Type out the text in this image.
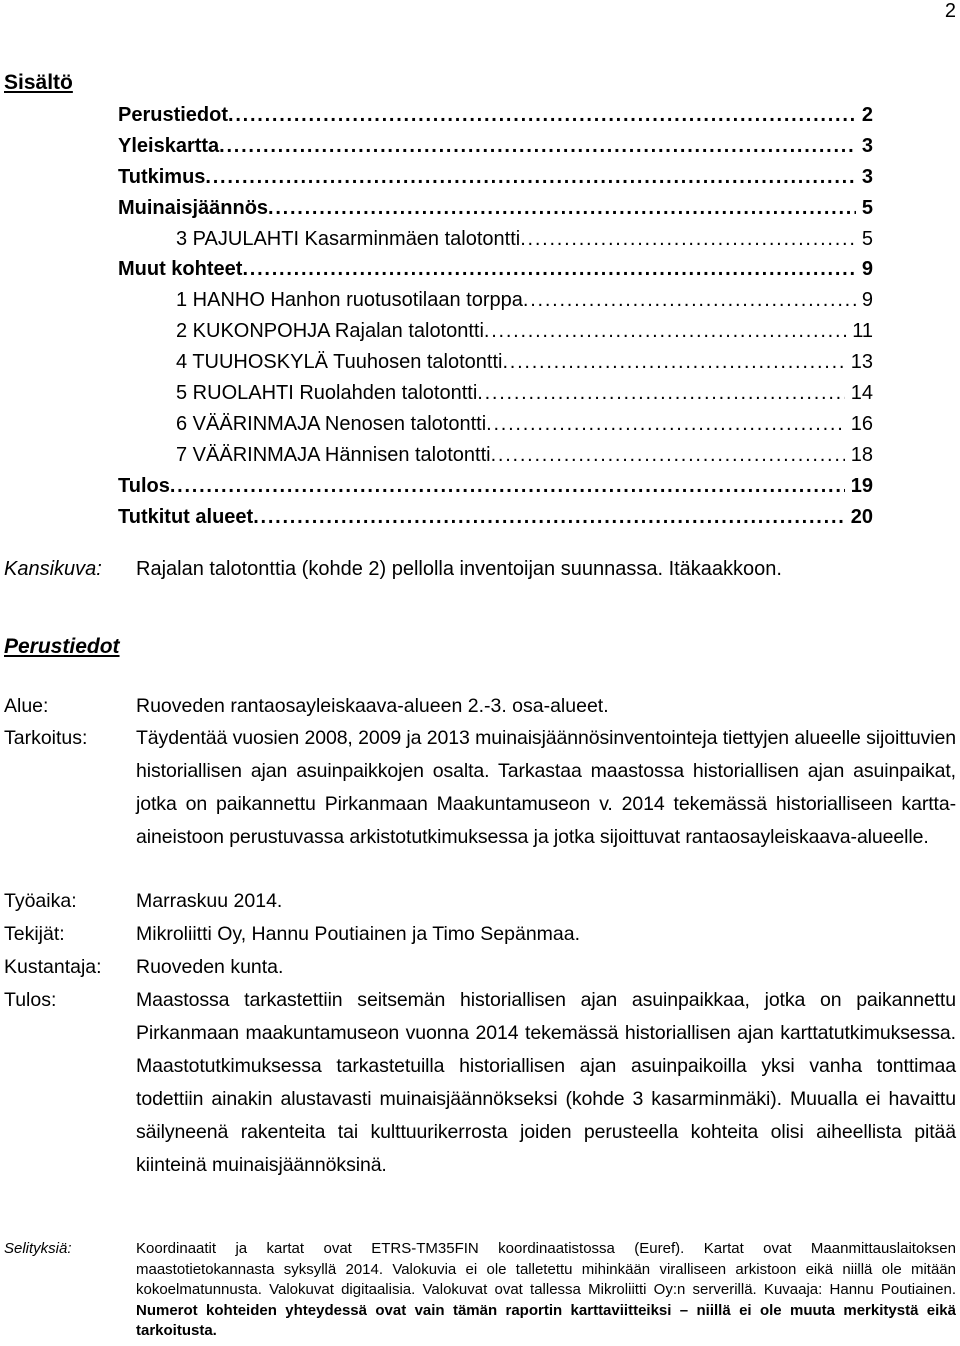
2
Sisältö
Perustiedot . . .	2
Yleiskartta . . .	3
Tutkimus . . .	3
Muinaisjäännös . . .	5
3 PAJULAHTI Kasarminmäen talotontti . . .	5
Muut kohteet . . .	9
1 HANHO Hanhon ruotusotilaan torppa . . .	9
2 KUKONPOHJA Rajalan talotontti . . .	11
4 TUUHOSKYLÄ Tuuhosen talotontti . . .	13
5 RUOLAHTI Ruolahden talotontti . . .	14
6 VÄÄRINMAJA Nenosen talotontti . . .	16
7 VÄÄRINMAJA Hännisen talotontti . . .	18
Tulos . . .	19
Tutkitut alueet . . .	20
Kansikuva: Rajalan talotonttia (kohde 2) pellolla inventoijan suunnassa. Itäkaakkoon.
Perustiedot
Alue:	Ruoveden rantaosayleiskaava-alueen 2.-3. osa-alueet.
Tarkoitus: Täydentää vuosien 2008, 2009 ja 2013 muinaisjäännösinventointeja tiettyjen alueelle sijoittuvien historiallisen ajan asuinpaikkojen osalta. Tarkastaa maastossa historiallisen ajan asuinpaikat, jotka on paikannettu Pirkanmaan Maakuntamuseon v. 2014 tekemässä historialliseen kartta-aineistoon perustuvassa arkistotutkimuksessa ja jotka sijoittuvat rantaosayleiskaava-alueelle.
Työaika:	Marraskuu 2014.
Tekijät:	Mikroliitti Oy, Hannu Poutiainen ja Timo Sepänmaa.
Kustantaja: Ruoveden kunta.
Tulos:	Maastossa tarkastettiin seitsemän historiallisen ajan asuinpaikkaa, jotka on paikannettu Pirkanmaan maakuntamuseon vuonna 2014 tekemässä historiallisen ajan karttatutkimuksessa. Maastotutkimuksessa tarkastetuilla historiallisen ajan asuinpaikoilla yksi vanha tonttimaa todettiin ainakin alustavasti muinaisjäännökseksi (kohde 3 kasarminmäki). Muualla ei havaittu säilyneenä rakenteita tai kulttuurikerrosta joiden perusteella kohteita olisi aiheellista pitää kiinteinä muinaisjäännöksinä.
Selityksiä:	Koordinaatit ja kartat ovat ETRS-TM35FIN koordinaatistossa (Euref). Kartat ovat Maanmittauslaitoksen maastotietokannasta syksyllä 2014. Valokuvia ei ole talletettu mihinkään viralliseen arkistoon eikä niillä ole mitään kokoelmatunnusta. Valokuvat digitaalisia. Valokuvat ovat tallessa Mikroliitti Oy:n serverillä. Kuvaaja: Hannu Poutiainen. Numerot kohteiden yhteydessä ovat vain tämän raportin karttaviitteiksi – niillä ei ole muuta merkitystä eikä tarkoitusta.
